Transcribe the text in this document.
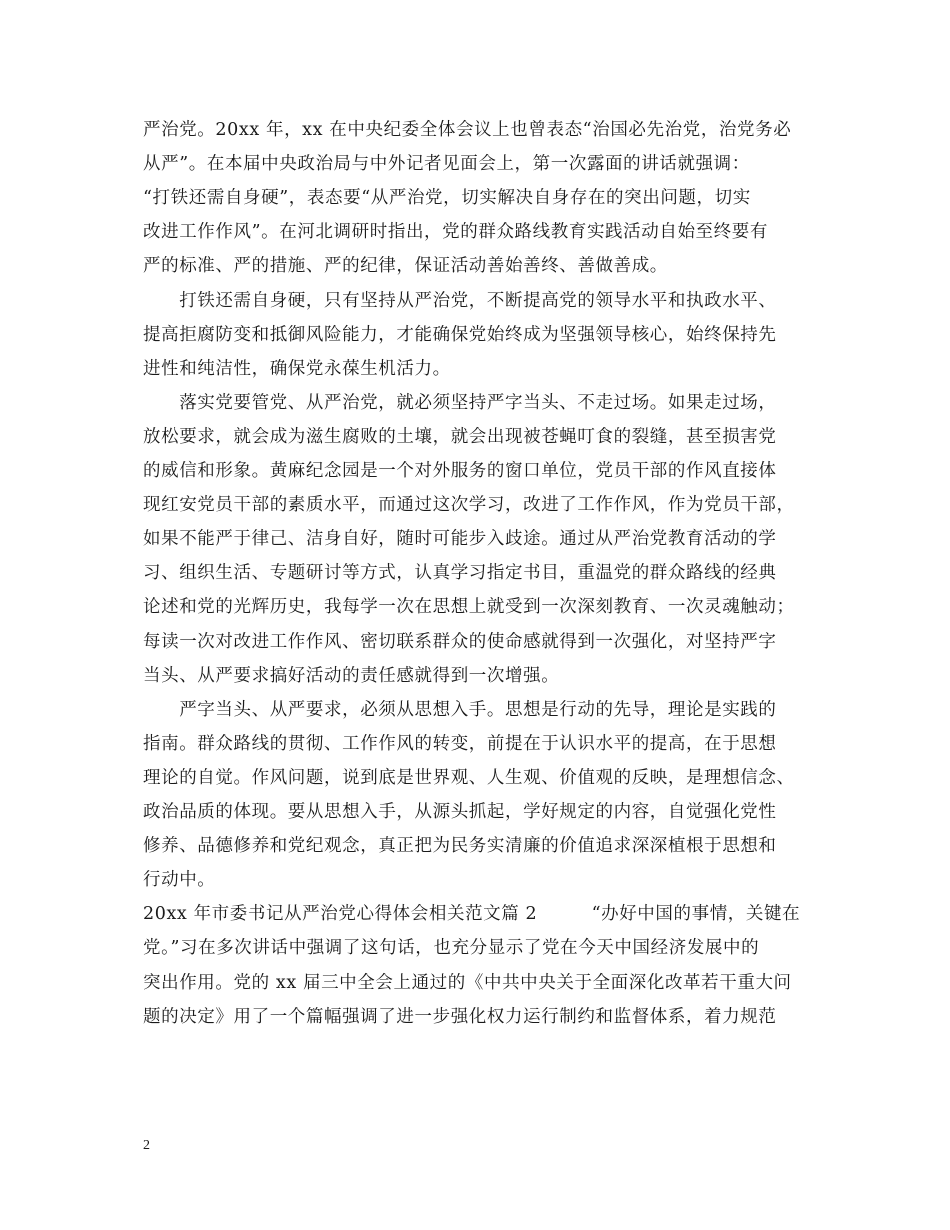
严治党。20xx 年，xx 在中央纪委全体会议上也曾表态“治国必先治党，治党务必
从严”。在本届中央政治局与中外记者见面会上，第一次露面的讲话就强调：
“打铁还需自身硬”，表态要“从严治党，切实解决自身存在的突出问题，切实
改进工作作风”。在河北调研时指出，党的群众路线教育实践活动自始至终要有
严的标准、严的措施、严的纪律，保证活动善始善终、善做善成。
　　打铁还需自身硬，只有坚持从严治党，不断提高党的领导水平和执政水平、
提高拒腐防变和抵御风险能力，才能确保党始终成为坚强领导核心，始终保持先
进性和纯洁性，确保党永葆生机活力。
　　落实党要管党、从严治党，就必须坚持严字当头、不走过场。如果走过场，
放松要求，就会成为滋生腐败的土壤，就会出现被苍蝇叮食的裂缝，甚至损害党
的威信和形象。黄麻纪念园是一个对外服务的窗口单位，党员干部的作风直接体
现红安党员干部的素质水平，而通过这次学习，改进了工作作风，作为党员干部，
如果不能严于律己、洁身自好，随时可能步入歧途。通过从严治党教育活动的学
习、组织生活、专题研讨等方式，认真学习指定书目，重温党的群众路线的经典
论述和党的光辉历史，我每学一次在思想上就受到一次深刻教育、一次灵魂触动；
每读一次对改进工作作风、密切联系群众的使命感就得到一次强化，对坚持严字
当头、从严要求搞好活动的责任感就得到一次增强。
　　严字当头、从严要求，必须从思想入手。思想是行动的先导，理论是实践的
指南。群众路线的贯彻、工作作风的转变，前提在于认识水平的提高，在于思想
理论的自觉。作风问题，说到底是世界观、人生观、价值观的反映，是理想信念、
政治品质的体现。要从思想入手，从源头抓起，学好规定的内容，自觉强化党性
修养、品德修养和党纪观念，真正把为民务实清廉的价值追求深深植根于思想和
行动中。
20xx 年市委书记从严治党心得体会相关范文篇 2　　　“办好中国的事情，关键在
党。”习在多次讲话中强调了这句话，也充分显示了党在今天中国经济发展中的
突出作用。党的 xx 届三中全会上通过的《中共中央关于全面深化改革若干重大问
题的决定》用了一个篇幅强调了进一步强化权力运行制约和监督体系，着力规范
2
